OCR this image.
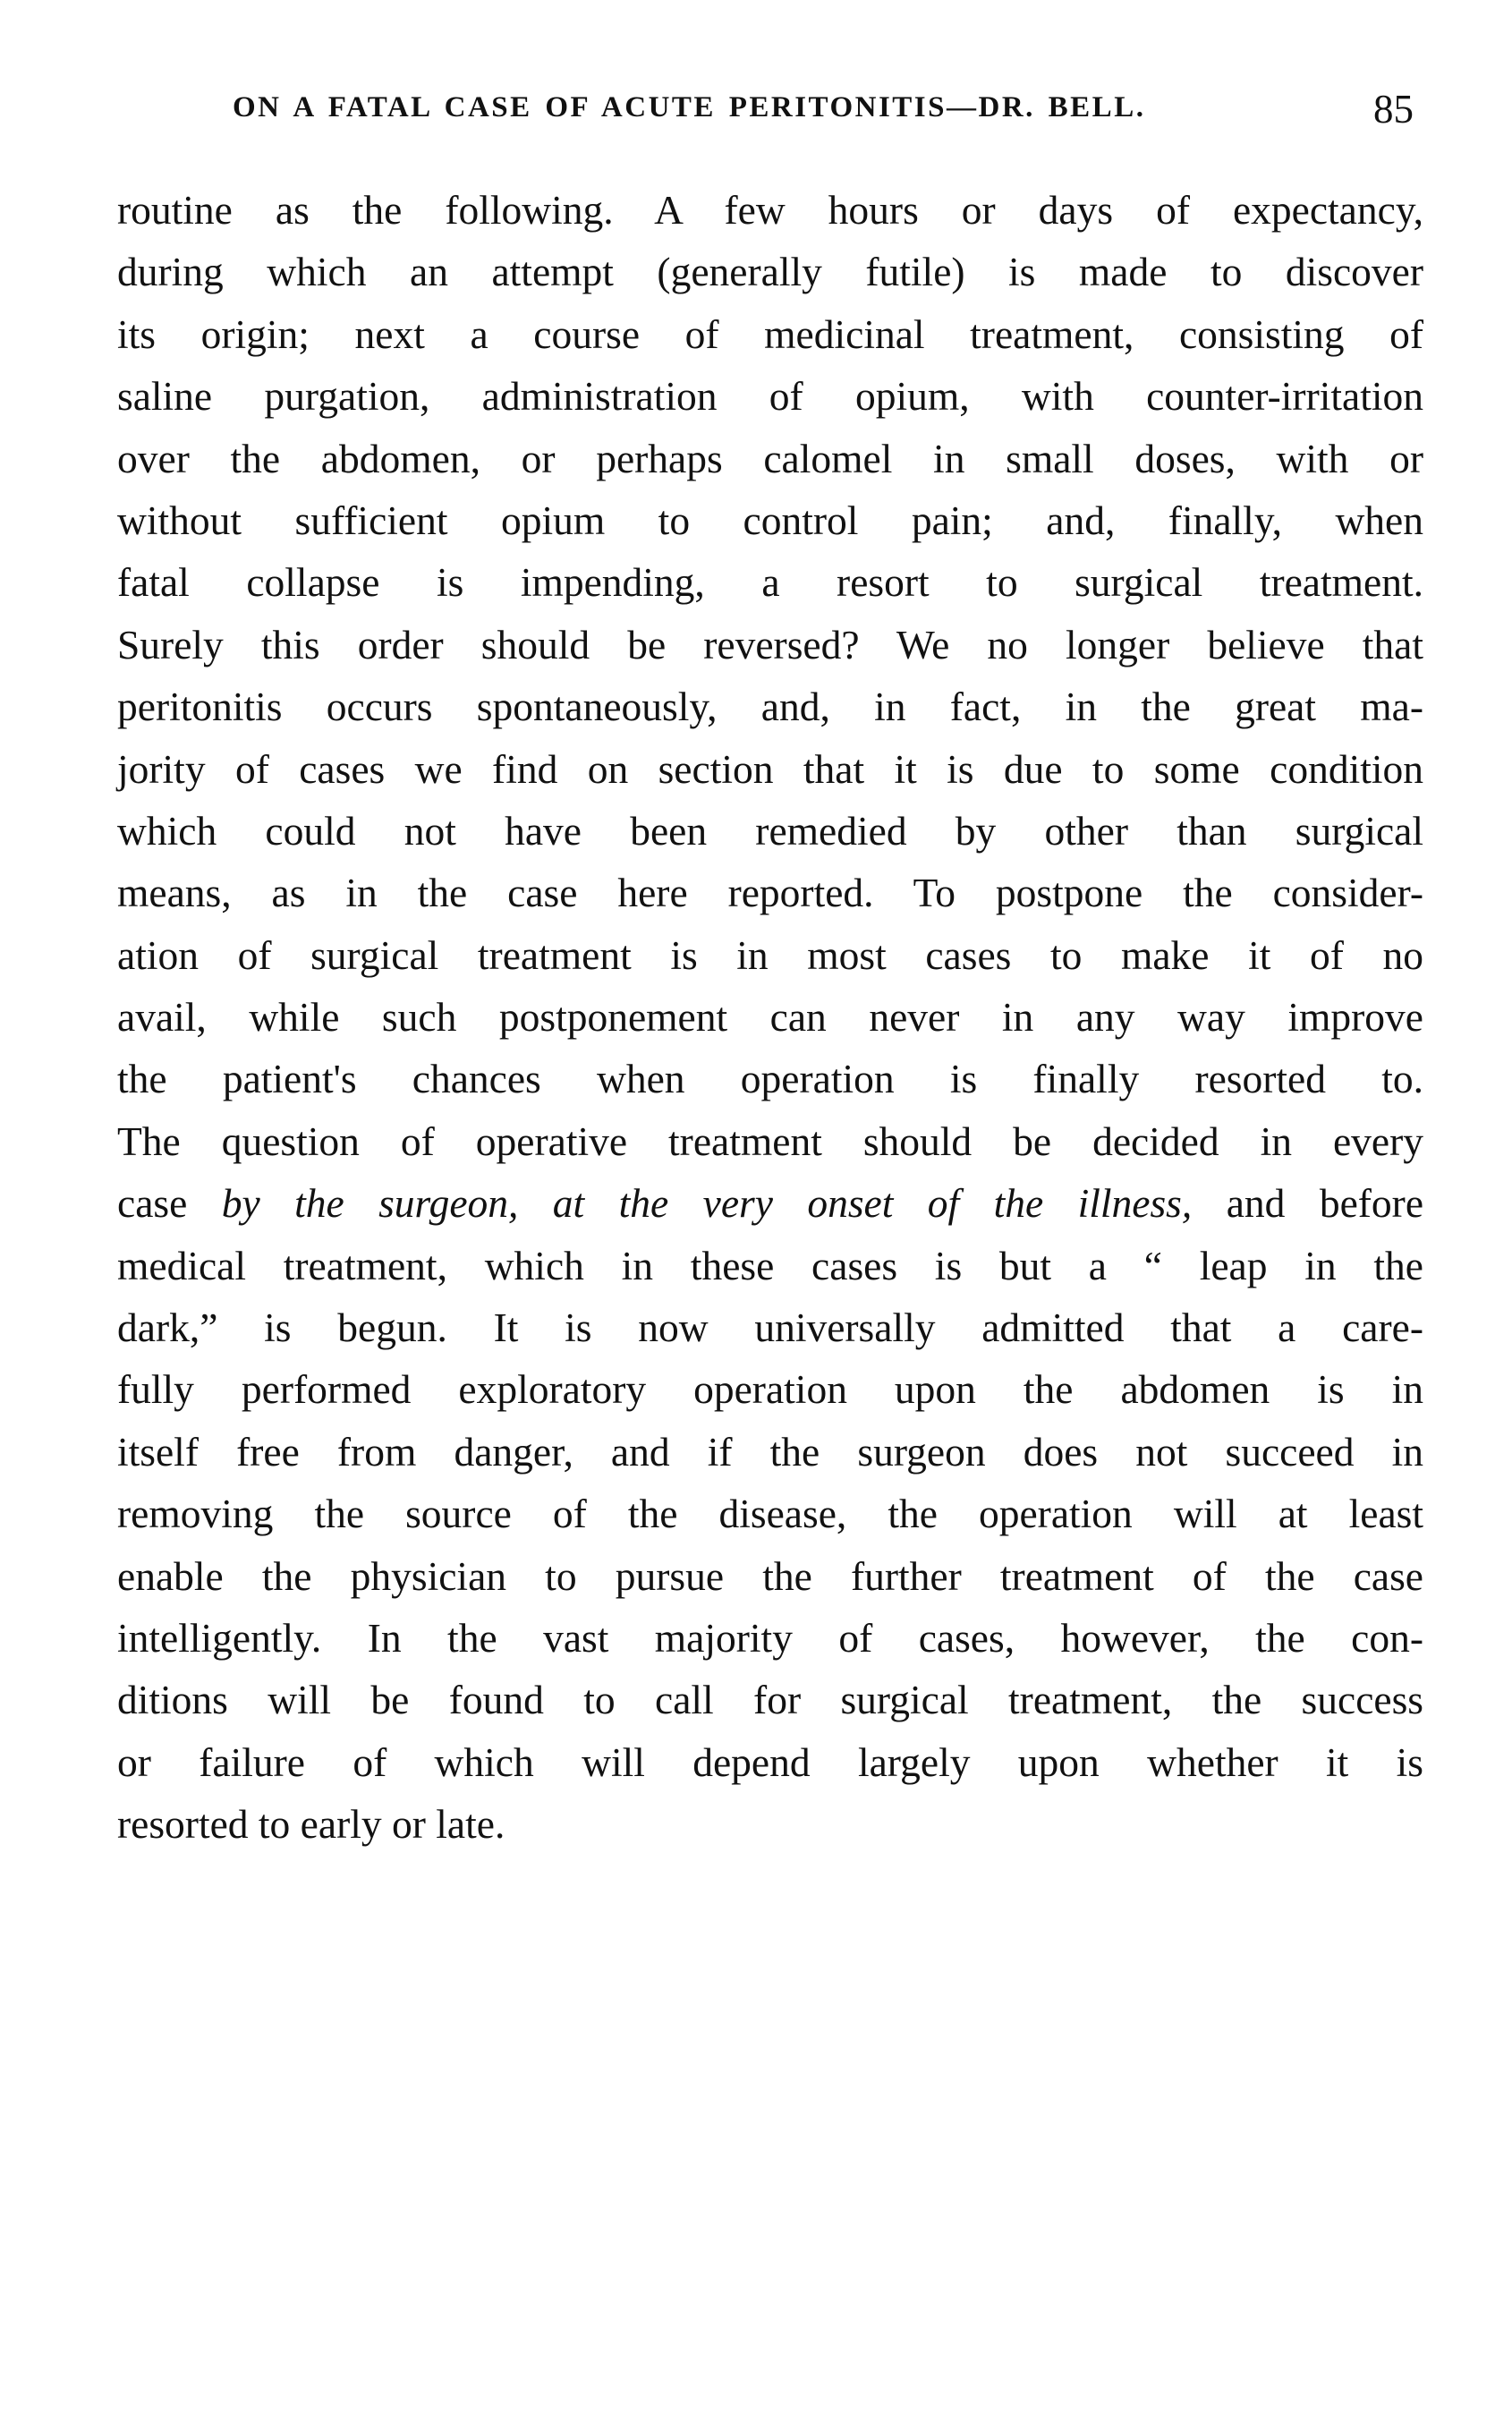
ON A FATAL CASE OF ACUTE PERITONITIS—DR. BELL.	85
routine as the following. A few hours or days of expectancy,
during which an attempt (generally futile) is made to discover
its origin; next a course of medicinal treatment, consisting of
saline purgation, administration of opium, with counter-irritation
over the abdomen, or perhaps calomel in small doses, with or
without sufficient opium to control pain; and, finally, when
fatal collapse is impending, a resort to surgical treatment.
Surely this order should be reversed? We no longer believe that
peritonitis occurs spontaneously, and, in fact, in the great ma-
jority of cases we find on section that it is due to some condition
which could not have been remedied by other than surgical
means, as in the case here reported. To postpone the consider-
ation of surgical treatment is in most cases to make it of no
avail, while such postponement can never in any way improve
the patient's chances when operation is finally resorted to.
The question of operative treatment should be decided in every
case by the surgeon, at the very onset of the illness, and before
medical treatment, which in these cases is but a “ leap in the
dark,” is begun. It is now universally admitted that a care-
fully performed exploratory operation upon the abdomen is in
itself free from danger, and if the surgeon does not succeed in
removing the source of the disease, the operation will at least
enable the physician to pursue the further treatment of the case
intelligently. In the vast majority of cases, however, the con-
ditions will be found to call for surgical treatment, the success
or failure of which will depend largely upon whether it is
resorted to early or late.
